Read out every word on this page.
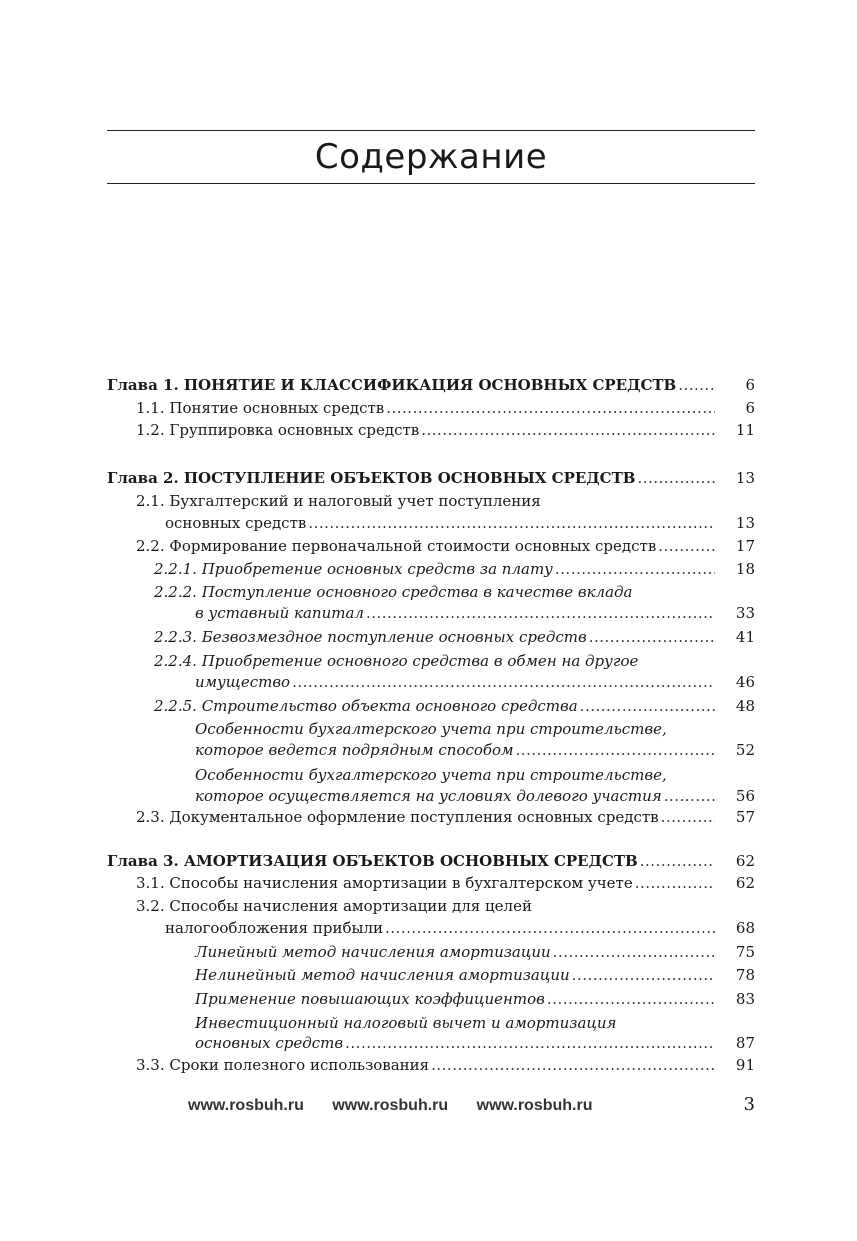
Содержание
Глава 1. ПОНЯТИЕ И КЛАССИФИКАЦИЯ ОСНОВНЫХ СРЕДСТВ .....	6
1.1. Понятие основных средств .....	6
1.2. Группировка основных средств .....	11
Глава 2. ПОСТУПЛЕНИЕ ОБЪЕКТОВ ОСНОВНЫХ СРЕДСТВ .....	13
2.1. Бухгалтерский и налоговый учет поступления
основных средств .....	13
2.2. Формирование первоначальной стоимости основных средств .....	17
2.2.1. Приобретение основных средств за плату .....	18
2.2.2. Поступление основного средства в качестве вклада
в уставный капитал .....	33
2.2.3. Безвозмездное поступление основных средств .....	41
2.2.4. Приобретение основного средства в обмен на другое
имущество .....	46
2.2.5. Строительство объекта основного средства .....	48
Особенности бухгалтерского учета при строительстве,
которое ведется подрядным способом .....	52
Особенности бухгалтерского учета при строительстве,
которое осуществляется на условиях долевого участия .....	56
2.3. Документальное оформление поступления основных средств .....	57
Глава 3. АМОРТИЗАЦИЯ ОБЪЕКТОВ ОСНОВНЫХ СРЕДСТВ .....	62
3.1. Способы начисления амортизации в бухгалтерском учете .....	62
3.2. Способы начисления амортизации для целей
налогообложения прибыли .....	68
Линейный метод начисления амортизации .....	75
Нелинейный метод начисления амортизации .....	78
Применение повышающих коэффициентов .....	83
Инвестиционный налоговый вычет и амортизация
основных средств .....	87
3.3. Сроки полезного использования .....	91
www.rosbuh.ru www.rosbuh.ru www.rosbuh.ru	3
